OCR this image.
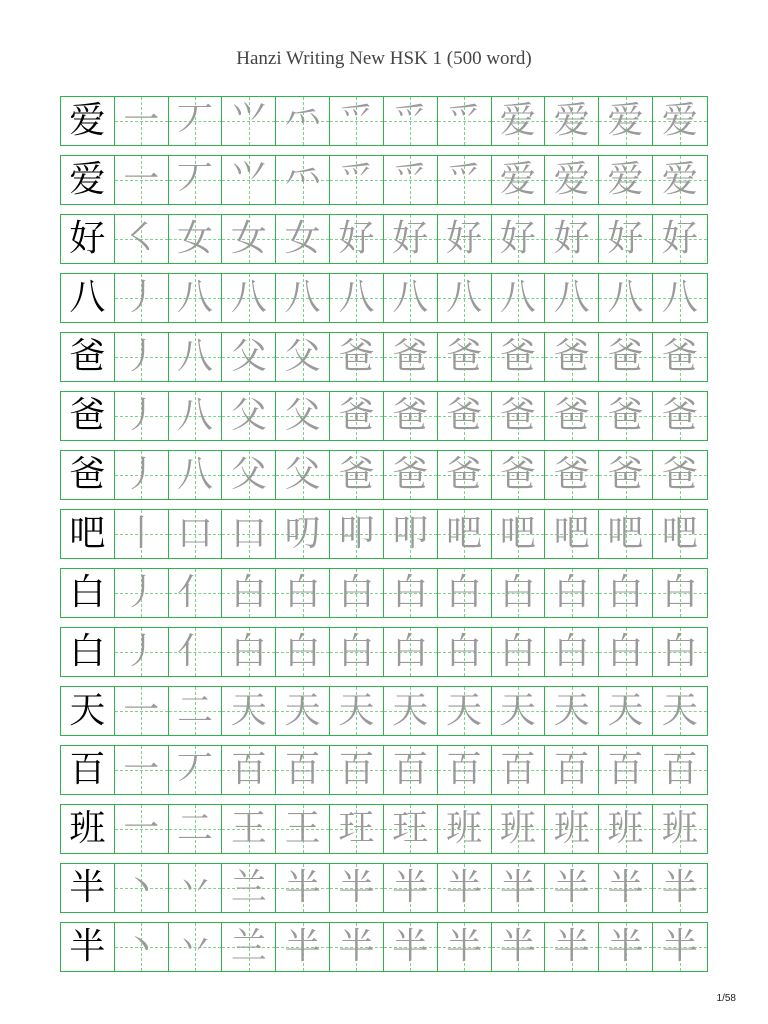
Hanzi Writing New HSK 1 (500 word)
爱 一 丆 ⺍ ⺤ 爫 爫 爫 爱 爱 爱 爱
爱 一 丆 ⺍ ⺤ 爫 爫 爫 爱 爱 爱 爱
好 ㇛ 女 女 女 好 好 好 好 好 好 好
八 丿 八 八 八 八 八 八 八 八 八 八
爸 丿 八 父 父 爸 爸 爸 爸 爸 爸 爸
爸 丿 八 父 父 爸 爸 爸 爸 爸 爸 爸
爸 丿 八 父 父 爸 爸 爸 爸 爸 爸 爸
吧 丨 口 口 叨 叩 叩 吧 吧 吧 吧 吧
白 丿 亻 白 白 白 白 白 白 白 白 白
白 丿 亻 白 白 白 白 白 白 白 白 白
天 一 二 天 天 天 天 天 天 天 天 天
百 一 丆 百 百 百 百 百 百 百 百 百
班 一 二 王 王 玨 玨 班 班 班 班 班
半 丶 丷 兰 半 半 半 半 半 半 半 半
半 丶 丷 兰 半 半 半 半 半 半 半 半
1/58
